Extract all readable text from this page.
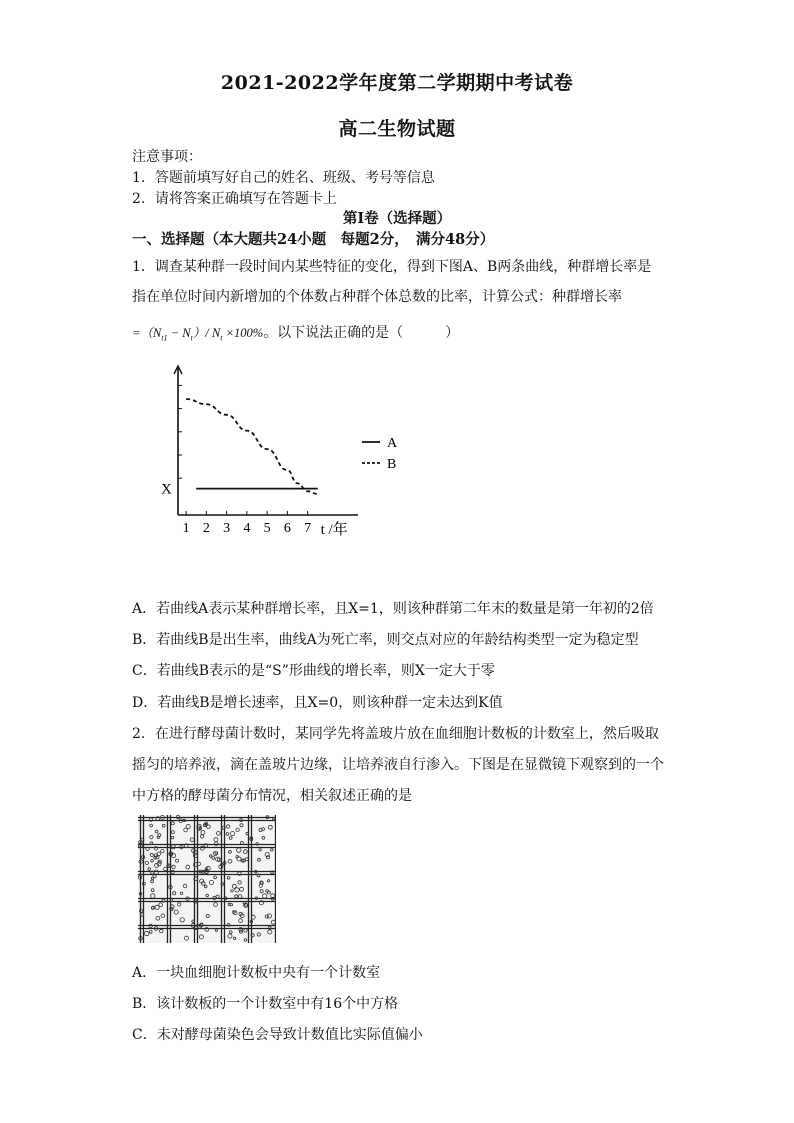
2021-2022学年度第二学期期中考试卷
高二生物试题
注意事项：
1．答题前填写好自己的姓名、班级、考号等信息
2．请将答案正确填写在答题卡上
第I卷（选择题）
一、选择题（本大题共24小题　每题2分，　满分48分）
1．调查某种群一段时间内某些特征的变化，得到下图A、B两条曲线，种群增长率是
指在单位时间内新增加的个体数占种群个体总数的比率，计算公式：种群增长率
$=(N_{t1} - N_t)/$ $N_t \times 100\%$。以下说法正确的是（　　　）
1 2 3 4 5 6 7 t /年
X
A
B
A．若曲线A表示某种群增长率，且X=1，则该种群第二年末的数量是第一年初的2倍
B．若曲线B是出生率，曲线A为死亡率，则交点对应的年龄结构类型一定为稳定型
C．若曲线B表示的是“S”形曲线的增长率，则X一定大于零
D．若曲线B是增长速率，且X=0，则该种群一定未达到K值
2．在进行酵母菌计数时，某同学先将盖玻片放在血细胞计数板的计数室上，然后吸取
摇匀的培养液，滴在盖玻片边缘，让培养液自行渗入。下图是在显微镜下观察到的一个
中方格的酵母菌分布情况，相关叙述正确的是
A．一块血细胞计数板中央有一个计数室
B．该计数板的一个计数室中有16个中方格
C．未对酵母菌染色会导致计数值比实际值偏小
